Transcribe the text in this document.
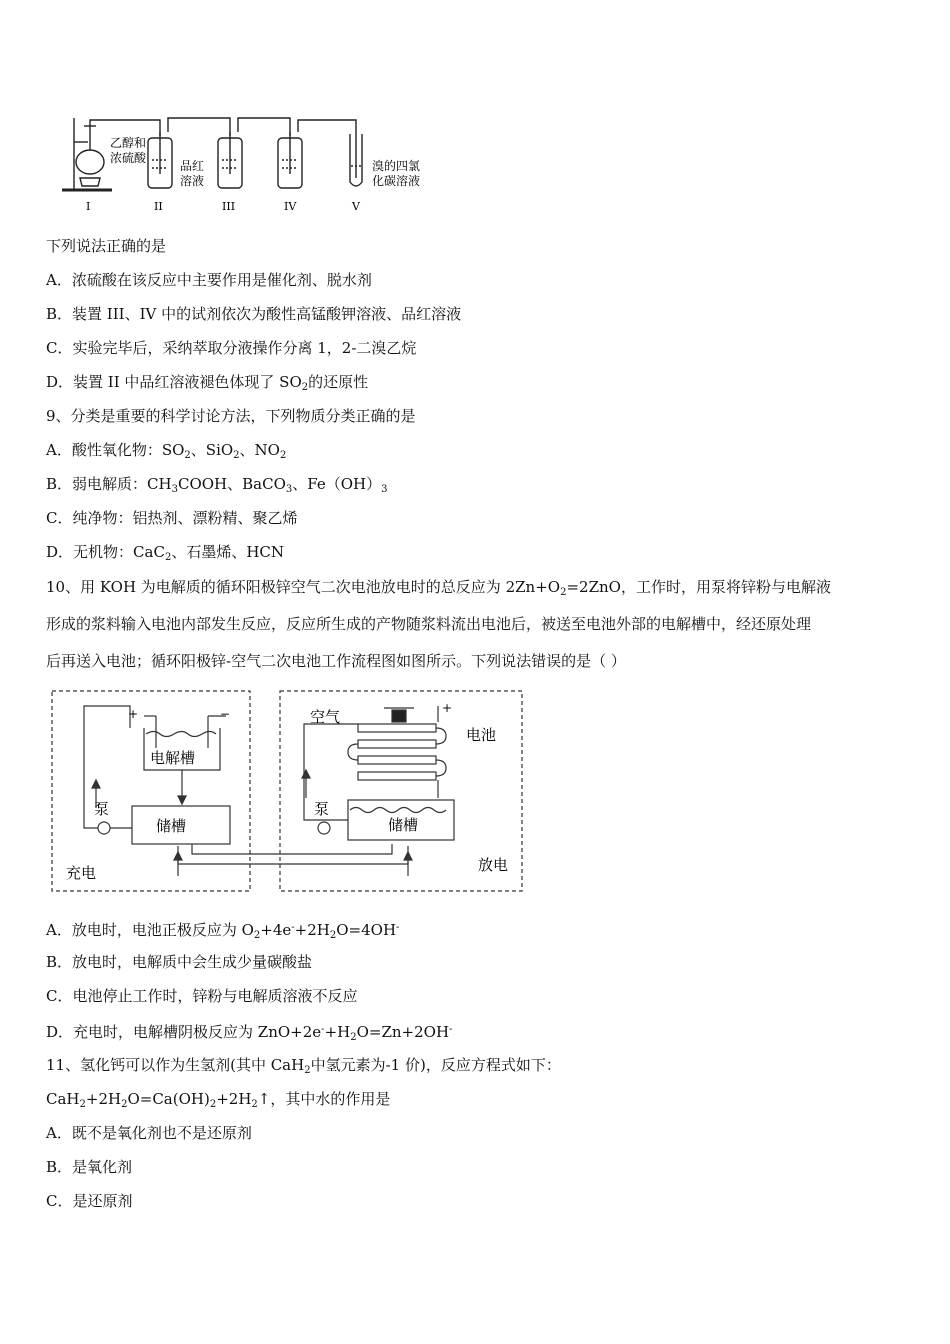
乙醇和
浓硫酸
品红
溶液
溴的四氯
化碳溶液
I	II	III	IV	V
下列说法正确的是
A．浓硫酸在该反应中主要作用是催化剂、脱水剂
B．装置 III、IV 中的试剂依次为酸性高锰酸钾溶液、品红溶液
C．实验完毕后，采纳萃取分液操作分离 1，2-二溴乙烷
D．装置 II 中品红溶液褪色体现了 $SO_2$的还原性
9、分类是重要的科学讨论方法，下列物质分类正确的是
A．酸性氧化物：$SO_2$、SiO$_2$、$NO_2$
B．弱电解质：$CH_3COOH$、BaCO$_3$、$Fe(OH)_3$
C．纯净物：铝热剂、漂粉精、聚乙烯
D．无机物：CaC$_2$、石墨烯、HCN
10、用 KOH 为电解质的循环阳极锌空气二次电池放电时的总反应为 $2Zn+O_2=2ZnO$，工作时，用泵将锌粉与电解液
形成的浆料输入电池内部发生反应，反应所生成的产物随浆料流出电池后，被送至电池外部的电解槽中，经还原处理
后再送入电池；循环阳极锌-空气二次电池工作流程图如图所示。下列说法错误的是（ ）
电解槽
储槽	储槽
泵	泵
空气
电池
充电	放电
+	−	+
A．放电时，电池正极反应为 $O_2+4e^-+2H_2O=4OH^-$
B．放电时，电解质中会生成少量碳酸盐
C．电池停止工作时，锌粉与电解质溶液不反应
D．充电时，电解槽阴极反应为 $ZnO+2e^-+H_2O=Zn+2OH^-$
11、氢化钙可以作为生氢剂(其中 CaH$_2$中氢元素为-1 价)，反应方程式如下：
$CaH_2+2H_2O=Ca(OH)_2+2H_2↑$，其中水的作用是
A．既不是氧化剂也不是还原剂
B．是氧化剂
C．是还原剂
